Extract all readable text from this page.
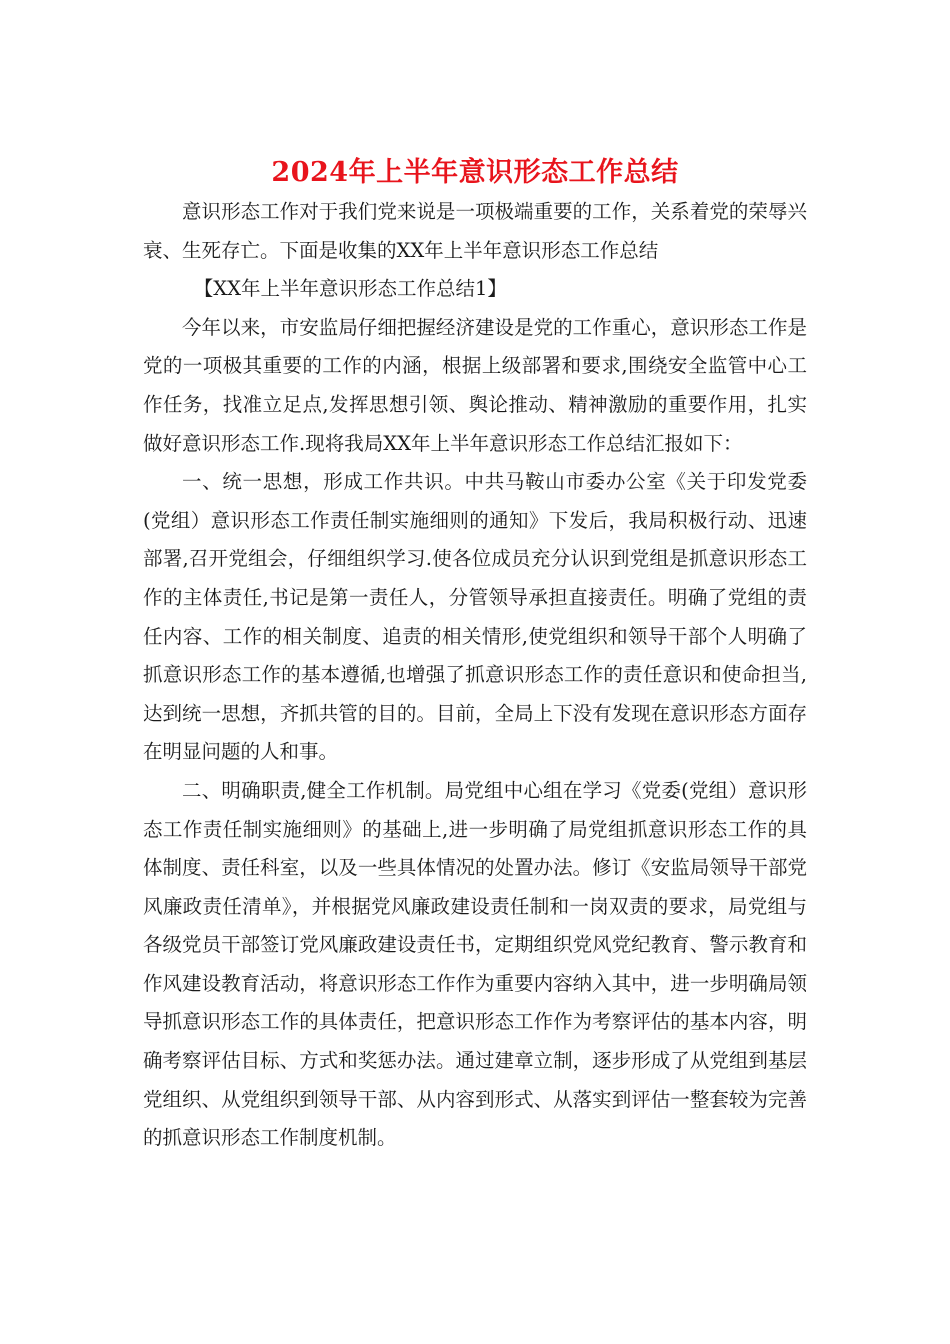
2024年上半年意识形态工作总结

意识形态工作对于我们党来说是一项极端重要的工作，关系着党的荣辱兴衰、生死存亡。下面是收集的XX年上半年意识形态工作总结

【XX年上半年意识形态工作总结1】

今年以来，市安监局仔细把握经济建设是党的工作重心，意识形态工作是党的一项极其重要的工作的内涵，根据上级部署和要求,围绕安全监管中心工作任务，找准立足点,发挥思想引领、舆论推动、精神激励的重要作用，扎实做好意识形态工作.现将我局XX年上半年意识形态工作总结汇报如下：

一、统一思想，形成工作共识。中共马鞍山市委办公室《关于印发党委(党组）意识形态工作责任制实施细则的通知》下发后，我局积极行动、迅速部署,召开党组会，仔细组织学习.使各位成员充分认识到党组是抓意识形态工作的主体责任,书记是第一责任人，分管领导承担直接责任。明确了党组的责任内容、工作的相关制度、追责的相关情形,使党组织和领导干部个人明确了抓意识形态工作的基本遵循,也增强了抓意识形态工作的责任意识和使命担当,达到统一思想，齐抓共管的目的。目前，全局上下没有发现在意识形态方面存在明显问题的人和事。

二、明确职责,健全工作机制。局党组中心组在学习《党委(党组）意识形态工作责任制实施细则》的基础上,进一步明确了局党组抓意识形态工作的具体制度、责任科室，以及一些具体情况的处置办法。修订《安监局领导干部党风廉政责任清单》，并根据党风廉政建设责任制和一岗双责的要求，局党组与各级党员干部签订党风廉政建设责任书，定期组织党风党纪教育、警示教育和作风建设教育活动，将意识形态工作作为重要内容纳入其中，进一步明确局领导抓意识形态工作的具体责任，把意识形态工作作为考察评估的基本内容，明确考察评估目标、方式和奖惩办法。通过建章立制，逐步形成了从党组到基层党组织、从党组织到领导干部、从内容到形式、从落实到评估一整套较为完善的抓意识形态工作制度机制。
